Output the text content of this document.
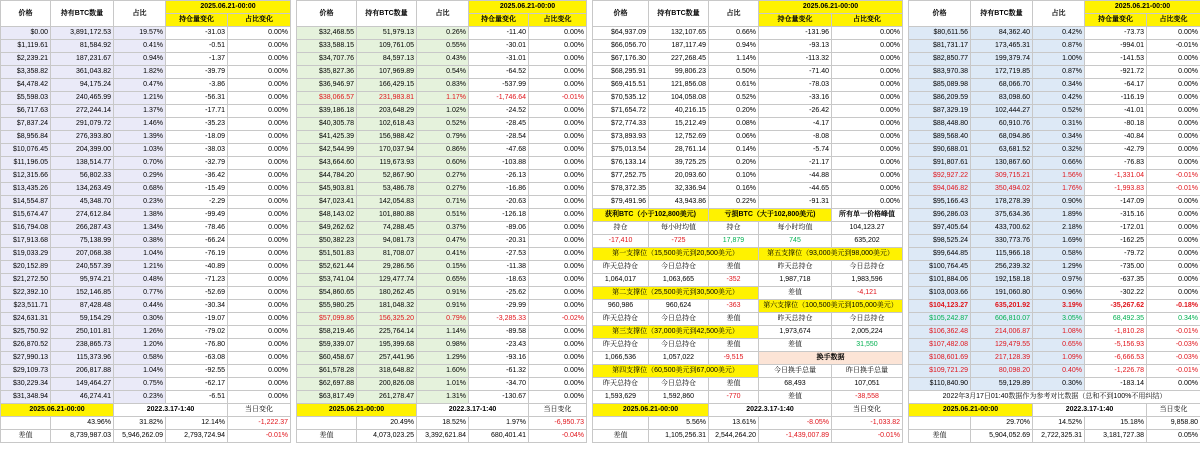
价格	持有BTC数量	占比	2025.06.21-00:00	
			持仓量变化	占比变化
$0.00	3,891,172.53	19.57%	-31.03	0.00%
$1,119.61	81,584.92	0.41%	-0.51	0.00%
$2,239.21	187,231.67	0.94%	-1.37	0.00%
$3,358.82	361,043.82	1.82%	-39.79	0.00%
$4,478.42	94,175.24	0.47%	-3.86	0.00%
$5,598.03	240,465.99	1.21%	-56.31	0.00%
$6,717.63	272,244.14	1.37%	-17.71	0.00%
$7,837.24	291,079.72	1.46%	-35.23	0.00%
$8,956.84	276,393.80	1.39%	-18.09	0.00%
$10,076.45	204,399.00	1.03%	-38.03	0.00%
$11,196.05	138,514.77	0.70%	-32.79	0.00%
$12,315.66	56,802.33	0.29%	-36.42	0.00%
$13,435.26	134,263.49	0.68%	-15.49	0.00%
$14,554.87	45,348.70	0.23%	-2.29	0.00%
$15,674.47	274,612.84	1.38%	-99.49	0.00%
$16,794.08	266,287.43	1.34%	-78.46	0.00%
$17,913.68	75,138.99	0.38%	-66.24	0.00%
$19,033.29	207,068.38	1.04%	-76.19	0.00%
$20,152.89	240,557.39	1.21%	-40.89	0.00%
$21,272.50	95,974.21	0.48%	-71.23	0.00%
$22,392.10	152,146.85	0.77%	-52.69	0.00%
$23,511.71	87,428.48	0.44%	-30.34	0.00%
$24,631.31	59,154.29	0.30%	-19.07	0.00%
$25,750.92	250,101.81	1.26%	-79.02	0.00%
$26,870.52	238,865.73	1.20%	-76.80	0.00%
$27,990.13	115,373.96	0.58%	-63.08	0.00%
$29,109.73	206,817.88	1.04%	-92.55	0.00%
$30,229.34	149,464.27	0.75%	-62.17	0.00%
$31,348.94	46,274.41	0.23%	-6.51	0.00%
2025.06.21-00:00		2022.3.17-1:40		当日变化
	43.96%	31.82%	12.14%	-1,222.37
差值	8,739,987.03	5,946,262.09	2,793,724.94	-0.01%
价格	持有BTC数量	占比	2025.06.21-00:00	
			持仓量变化	占比变化
$32,468.55	51,979.13	0.26%	-11.40	0.00%
$33,588.15	109,761.05	0.55%	-30.01	0.00%
$34,707.76	84,597.13	0.43%	-31.01	0.00%
$35,827.36	107,969.89	0.54%	-64.52	0.00%
$36,946.97	166,429.15	0.83%	-537.99	0.00%
$38,066.57	231,983.81	1.17%	-1,746.64	-0.01%
$39,186.18	203,648.29	1.02%	-24.52	0.00%
$40,305.78	102,618.43	0.52%	-28.45	0.00%
$41,425.39	156,988.42	0.79%	-28.54	0.00%
$42,544.99	170,037.94	0.86%	-47.68	0.00%
$43,664.60	119,673.93	0.60%	-103.88	0.00%
$44,784.20	52,867.90	0.27%	-26.13	0.00%
$45,903.81	53,486.78	0.27%	-16.86	0.00%
$47,023.41	142,054.83	0.71%	-20.63	0.00%
$48,143.02	101,880.88	0.51%	-126.18	0.00%
$49,262.62	74,288.45	0.37%	-89.06	0.00%
$50,382.23	94,081.73	0.47%	-20.31	0.00%
$51,501.83	81,708.07	0.41%	-27.53	0.00%
$52,621.44	29,286.56	0.15%	-11.38	0.00%
$53,741.04	129,477.74	0.65%	-18.63	0.00%
$54,860.65	180,262.45	0.91%	-25.62	0.00%
$55,980.25	181,048.32	0.91%	-29.99	0.00%
$57,099.86	156,325.20	0.79%	-3,285.33	-0.02%
$58,219.46	225,764.14	1.14%	-89.58	0.00%
$59,339.07	195,399.68	0.98%	-23.43	0.00%
$60,458.67	257,441.96	1.29%	-93.16	0.00%
$61,578.28	318,648.82	1.60%	-61.32	0.00%
$62,697.88	200,826.08	1.01%	-34.70	0.00%
$63,817.49	261,278.47	1.31%	-130.67	0.00%
2025.06.21-00:00		2022.3.17-1:40		当日变化
	20.49%	18.52%	1.97%	-6,950.73
差值	4,073,023.25	3,392,621.84	680,401.41	-0.04%
价格	持有BTC数量	占比	2025.06.21-00:00	
			持仓量变化	占比变化
$64,937.09	132,107.65	0.66%	-131.96	0.00%
$66,056.70	187,117.49	0.94%	-93.13	0.00%
$67,176.30	227,268.45	1.14%	-113.32	0.00%
$68,295.91	99,806.23	0.50%	-71.40	0.00%
$69,415.51	121,856.08	0.61%	-78.03	0.00%
$70,535.12	104,058.08	0.52%	-33.16	0.00%
$71,654.72	40,216.15	0.20%	-26.42	0.00%
$72,774.33	15,212.49	0.08%	-4.17	0.00%
$73,893.93	12,752.69	0.06%	-8.08	0.00%
$75,013.54	28,761.14	0.14%	-5.74	0.00%
$76,133.14	39,725.25	0.20%	-21.17	0.00%
$77,252.75	20,093.60	0.10%	-44.88	0.00%
$78,372.35	32,336.94	0.16%	-44.65	0.00%
$79,491.96	43,943.86	0.22%	-91.31	0.00%
获利BTC（小于102,800美元)		亏损BTC（大于102,800美元)		所有单一价格峰值
持仓	每小时均值	持仓	每小时均值	104,123.27
-17,410	-725	17,879	745	635,202
第一支撑位（15,500美元到20,500美元）			第五支撑位（93,000美元到98,000美元）	
昨天总持仓	今日总持仓	差值	昨天总持仓	今日总持仓
1,064,017	1,063,665	-352	1,987,718	1,983,596
第二支撑位（25,500美元到30,500美元）			差值	-4,121
960,986	960,624	-363	第六支撑位（100,500美元到105,000美元）	
昨天总持仓	今日总持仓	差值	昨天总持仓	今日总持仓
第三支撑位（37,000美元到42,500美元）			1,973,674	2,005,224
昨天总持仓	今日总持仓	差值	差值	31,550
1,066,536	1,057,022	-9,515	换手数据	
第四支撑位（60,500美元到67,000美元）			今日换手总量	昨日换手总量
昨天总持仓	今日总持仓	差值	68,493	107,051
1,593,629	1,592,860	-770	差值	-38,558
2025.06.21-00:00		2022.3.17-1:40		当日变化
	5.56%	13.61%	-8.05%	-1,033.82
差值	1,105,256.31	2,544,264.20	-1,439,007.89	-0.01%
价格	持有BTC数量	占比	2025.06.21-00:00	
			持仓量变化	占比变化
$80,611.56	84,362.40	0.42%	-73.73	0.00%
$81,731.17	173,465.31	0.87%	-994.01	-0.01%
$82,850.77	199,379.74	1.00%	-141.53	0.00%
$83,970.38	172,719.85	0.87%	-921.72	0.00%
$85,089.98	68,066.70	0.34%	-64.17	0.00%
$86,209.59	83,098.60	0.42%	-116.19	0.00%
$87,329.19	102,444.27	0.52%	-41.01	0.00%
$88,448.80	60,910.76	0.31%	-80.18	0.00%
$89,568.40	68,094.86	0.34%	-40.84	0.00%
$90,688.01	63,681.52	0.32%	-42.79	0.00%
$91,807.61	130,867.60	0.66%	-76.83	0.00%
$92,927.22	309,715.21	1.56%	-1,331.04	-0.01%
$94,046.82	350,494.02	1.76%	-1,993.83	-0.01%
$95,166.43	178,278.39	0.90%	-147.09	0.00%
$96,286.03	375,634.36	1.89%	-315.16	0.00%
$97,405.64	433,700.62	2.18%	-172.01	0.00%
$98,525.24	330,773.76	1.69%	-162.25	0.00%
$99,644.85	115,966.18	0.58%	-79.72	0.00%
$100,764.45	256,239.32	1.29%	-735.00	0.00%
$101,884.06	192,158.18	0.97%	-637.35	0.00%
$103,003.66	191,060.80	0.96%	-302.22	0.00%
$104,123.27	635,201.92	3.19%	-35,267.62	-0.18%
$105,242.87	606,810.07	3.05%	68,492.35	0.34%
$106,362.48	214,006.87	1.08%	-1,810.28	-0.01%
$107,482.08	129,479.55	0.65%	-5,156.93	-0.03%
$108,601.69	217,128.39	1.09%	-6,666.53	-0.03%
$109,721.29	80,098.20	0.40%	-1,226.78	-0.01%
$110,840.90	59,129.89	0.30%	-183.14	0.00%
2022年3月17日01:40数据作为参考对比数据（总和不到100%不用纠结）				
2025.06.21-00:00		2022.3.17-1:40		当日变化
	29.70%	14.52%	15.18%	9,858.80
差值	5,904,052.69	2,722,325.31	3,181,727.38	0.05%
